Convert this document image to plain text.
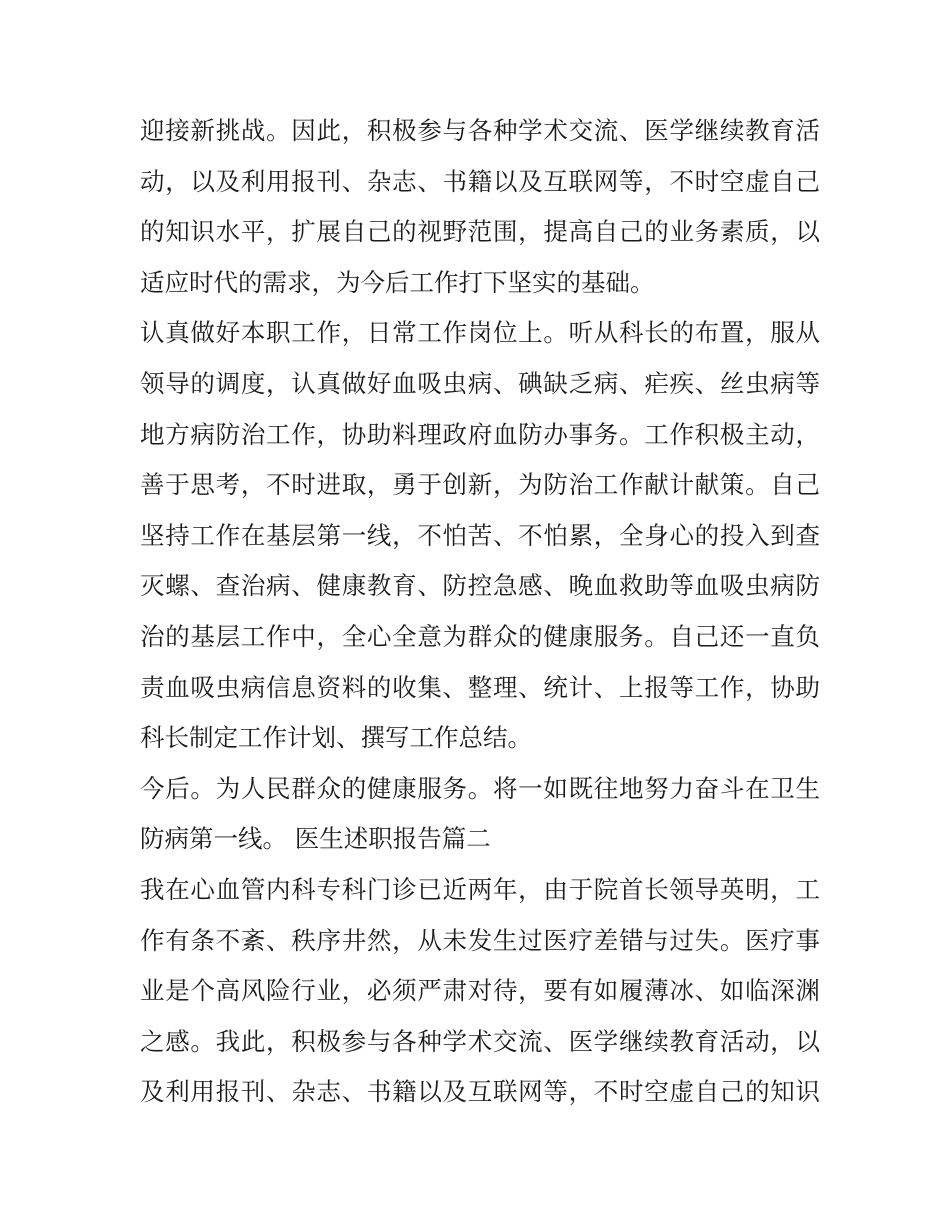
迎接新挑战。因此，积极参与各种学术交流、医学继续教育活
动，以及利用报刊、杂志、书籍以及互联网等，不时空虚自己
的知识水平，扩展自己的视野范围，提高自己的业务素质，以
适应时代的需求，为今后工作打下坚实的基础。
认真做好本职工作，日常工作岗位上。听从科长的布置，服从
领导的调度，认真做好血吸虫病、碘缺乏病、疟疾、丝虫病等
地方病防治工作，协助料理政府血防办事务。工作积极主动，
善于思考，不时进取，勇于创新，为防治工作献计献策。自己
坚持工作在基层第一线，不怕苦、不怕累，全身心的投入到查
灭螺、查治病、健康教育、防控急感、晚血救助等血吸虫病防
治的基层工作中，全心全意为群众的健康服务。自己还一直负
责血吸虫病信息资料的收集、整理、统计、上报等工作，协助
科长制定工作计划、撰写工作总结。
今后。为人民群众的健康服务。将一如既往地努力奋斗在卫生
防病第一线。 医生述职报告篇二
我在心血管内科专科门诊已近两年，由于院首长领导英明，工
作有条不紊、秩序井然，从未发生过医疗差错与过失。医疗事
业是个高风险行业，必须严肃对待，要有如履薄冰、如临深渊
之感。我此，积极参与各种学术交流、医学继续教育活动，以
及利用报刊、杂志、书籍以及互联网等，不时空虚自己的知识
